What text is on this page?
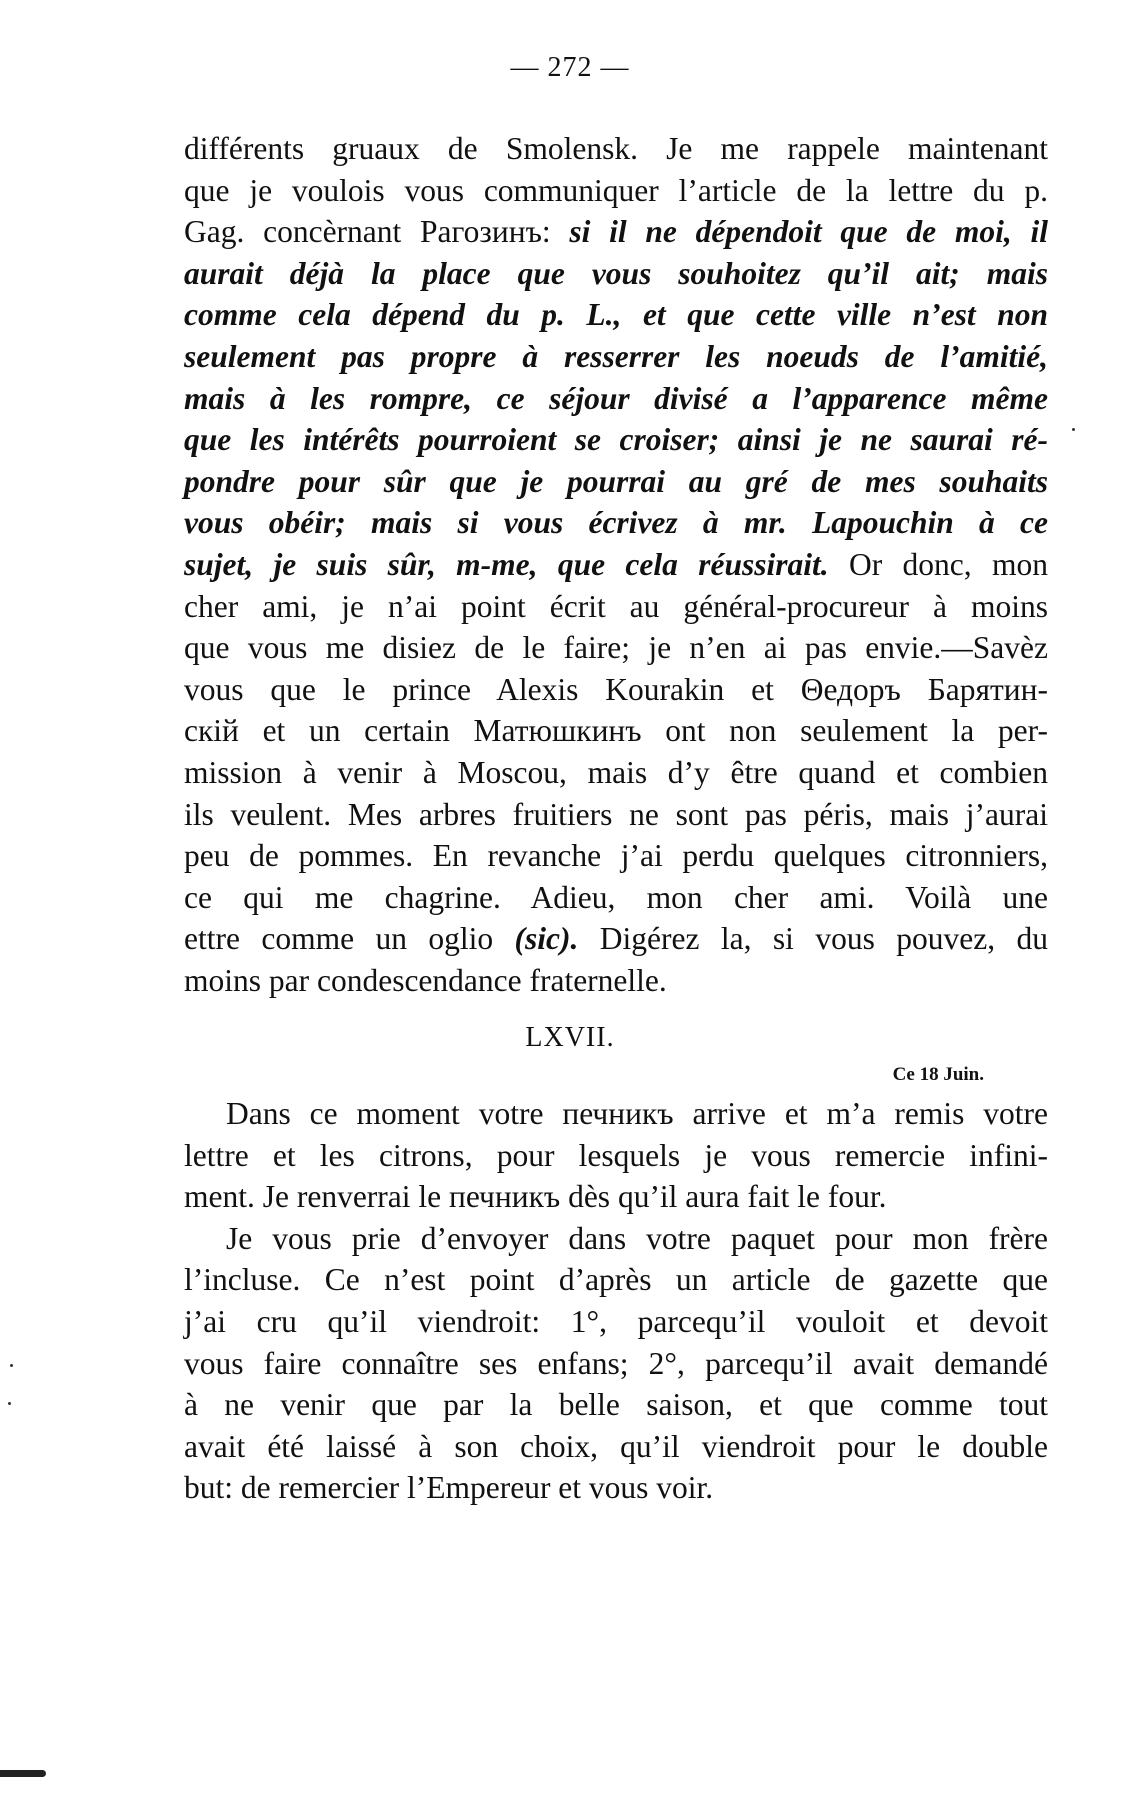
— 272 —
différents gruaux de Smolensk. Je me rappele maintenant
que je voulois vous communiquer l’article de la lettre du p.
Gag. concèrnant Рагозинъ: si il ne dépendoit que de moi, il
aurait déjà la place que vous souhoitez qu’il ait; mais
comme cela dépend du p. L., et que cette ville n’est non
seulement pas propre à resserrer les noeuds de l’amitié,
mais à les rompre, ce séjour divisé a l’apparence même
que les intérêts pourroient se croiser; ainsi je ne saurai ré-
pondre pour sûr que je pourrai au gré de mes souhaits
vous obéir; mais si vous écrivez à mr. Lapouchin à ce
sujet, je suis sûr, m-me, que cela réussirait. Or donc, mon
cher ami, je n’ai point écrit au général-procureur à moins
que vous me disiez de le faire; je n’en ai pas envie.—Savèz
vous que le prince Alexis Kourakin et Θедоръ Барятин-
скій et un certain Матюшкинъ ont non seulement la per-
mission à venir à Moscou, mais d’y être quand et combien
ils veulent. Mes arbres fruitiers ne sont pas péris, mais j’aurai
peu de pommes. En revanche j’ai perdu quelques citronniers,
ce qui me chagrine. Adieu, mon cher ami. Voilà une
ettre comme un oglio (sic). Digérez la, si vous pouvez, du
moins par condescendance fraternelle.
LXVII.
Ce 18 Juin.
Dans ce moment votre печникъ arrive et m’a remis votre
lettre et les citrons, pour lesquels je vous remercie infini-
ment. Je renverrai le печникъ dès qu’il aura fait le four.
Je vous prie d’envoyer dans votre paquet pour mon frère
l’incluse. Ce n’est point d’après un article de gazette que
j’ai cru qu’il viendroit: 1°, parcequ’il vouloit et devoit
vous faire connaître ses enfans; 2°, parcequ’il avait demandé
à ne venir que par la belle saison, et que comme tout
avait été laissé à son choix, qu’il viendroit pour le double
but: de remercier l’Empereur et vous voir.
